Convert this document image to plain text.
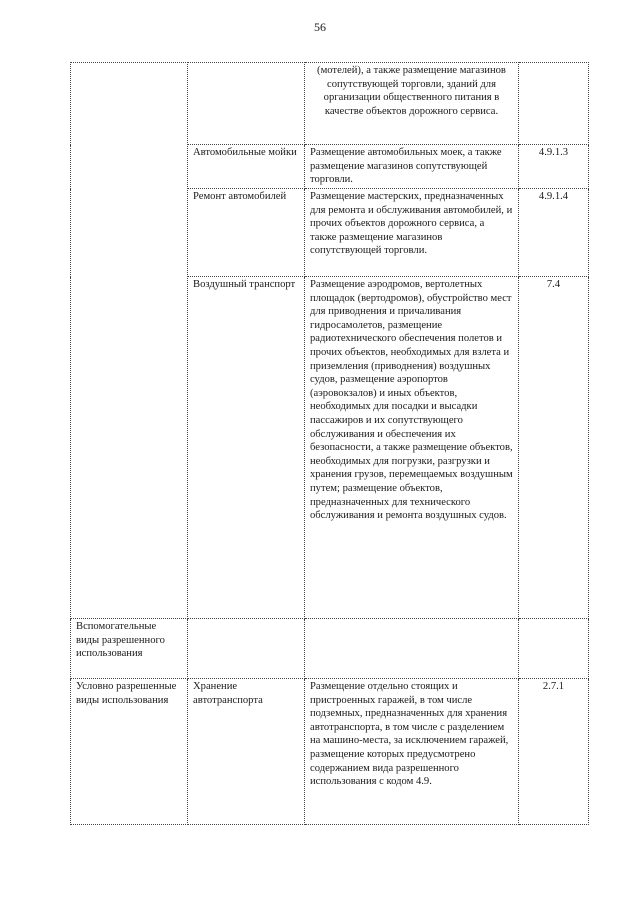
56
		(мотелей), а также размещение магазинов сопутствующей торговли, зданий для организации общественного питания в качестве объектов дорожного сервиса.	
	Автомобильные мойки	Размещение автомобильных моек, а также размещение магазинов сопутствующей торговли.	4.9.1.3
	Ремонт автомобилей	Размещение мастерских, предназначенных для ремонта и обслуживания автомобилей, и прочих объектов дорожного сервиса, а также размещение магазинов сопутствующей торговли.	4.9.1.4
	Воздушный транспорт	Размещение аэродромов, вертолетных площадок (вертодромов), обустройство мест для приводнения и причаливания гидросамолетов, размещение радиотехнического обеспечения полетов и прочих объектов, необходимых для взлета и приземления (приводнения) воздушных судов, размещение аэропортов (аэровокзалов) и иных объектов, необходимых для посадки и высадки пассажиров и их сопутствующего обслуживания и обеспечения их безопасности, а также размещение объектов, необходимых для погрузки, разгрузки и хранения грузов, перемещаемых воздушным путем; размещение объектов, предназначенных для технического обслуживания и ремонта воздушных судов.	7.4
Вспомогательные виды разрешенного использования			
Условно разрешенные виды использования	Хранение автотранспорта	Размещение отдельно стоящих и пристроенных гаражей, в том числе подземных, предназначенных для хранения автотранспорта, в том числе с разделением на машино-места, за исключением гаражей, размещение которых предусмотрено содержанием вида разрешенного использования с кодом 4.9.	2.7.1
